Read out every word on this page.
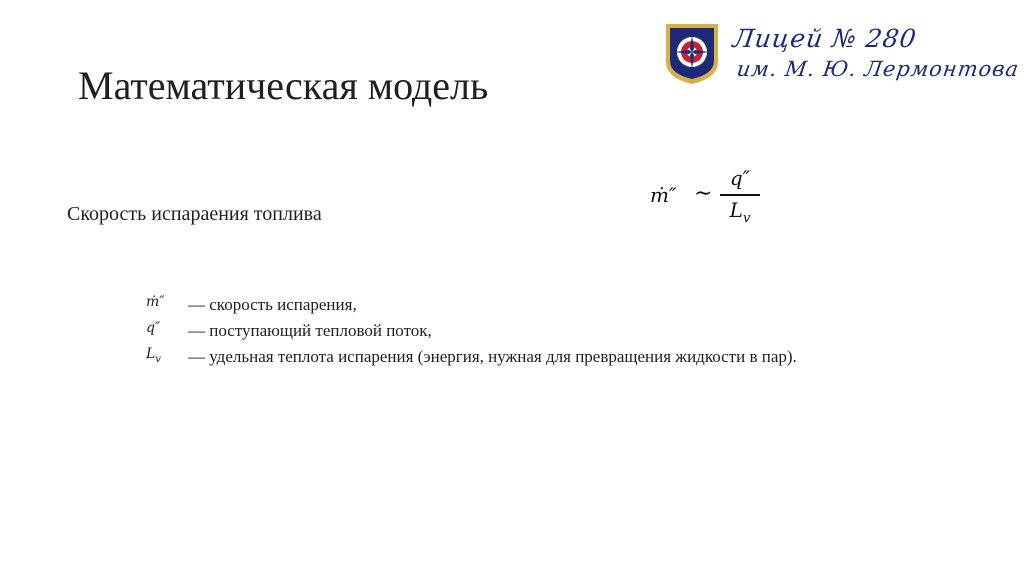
Математическая модель
Лицей № 280
им. М. Ю. Лермонтова
ṁ″ ∼
q″
$L_v$
Скорость испараения топлива
ṁ″	— скорость испарения,
q″	— поступающий тепловой поток,
$L_v$	— удельная теплота испарения (энергия, нужная для превращения жидкости в пар).
